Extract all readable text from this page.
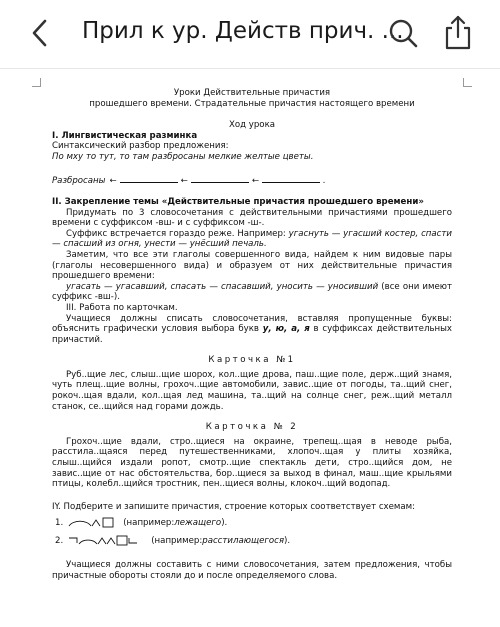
Прил к ур. Действ прич. ...
Уроки Действительные причастия
прошедшего времени. Страдательные причастия настоящего времени
Ход урока
I. Лингвистическая разминка
Синтаксический разбор предложения:
По мху то тут, то там разбросаны мелкие желтые цветы.
Разбросаны ←	←	←	.
II. Закрепление темы «Действительные причастия прошедшего времени»
Придумать по 3 словосочетания с действительными причастиями прошедшего времени с суффиксом -вш- и с суффиксом -ш-.
Суффикс встречается гораздо реже. Например: угаснуть — угасший костер, спасти — спасший из огня, унести — унёсший печаль.
Заметим, что все эти глаголы совершенного вида, найдем к ним видовые пары (глаголы несовершенного вида) и образуем от них действительные причастия прошедшего времени:
угасать — угасавший, спасать — спасавший, уносить — уносивший (все они имеют суффикс -вш-).
III. Работа по карточкам.
Учащиеся должны списать словосочетания, вставляя пропущенные буквы: объяснить графически условия выбора букв у, ю, а, я в суффиксах действительных причастий.
Карточка №1
Руб..щие лес, слыш..щие шорох, кол..щие дрова, паш..щие поле, держ..щий знамя, чуть плещ..щие волны, грохоч..щие автомобили, завис..щие от погоды, та..щий снег, рокоч..щая вдали, кол..щая лед машина, та..щий на солнце снег, реж..щий металл станок, се..щийся над горами дождь.
Карточка № 2
Грохоч..щие вдали, стро..щиеся на окраине, трепещ..щая в неводе рыба, расстила..щаяся перед путешественниками, хлопоч..щая у плиты хозяйка, слыш..щийся издали ропот, смотр..щие спектакль дети, стро..щийся дом, не завис..щие от нас обстоятельства, бор..щиеся за выход в финал, маш..щие крыльями птицы, колебл..щийся тростник, пен..щиеся волны, клокоч..щий водопад.
IY. Подберите и запишите причастия, строение которых соответствует схемам:
1.	(например: лежащего ).
2.	(например: расстилающегося ).
Учащиеся должны составить с ними словосочетания, затем предложения, чтобы причастные обороты стояли до и после определяемого слова.
